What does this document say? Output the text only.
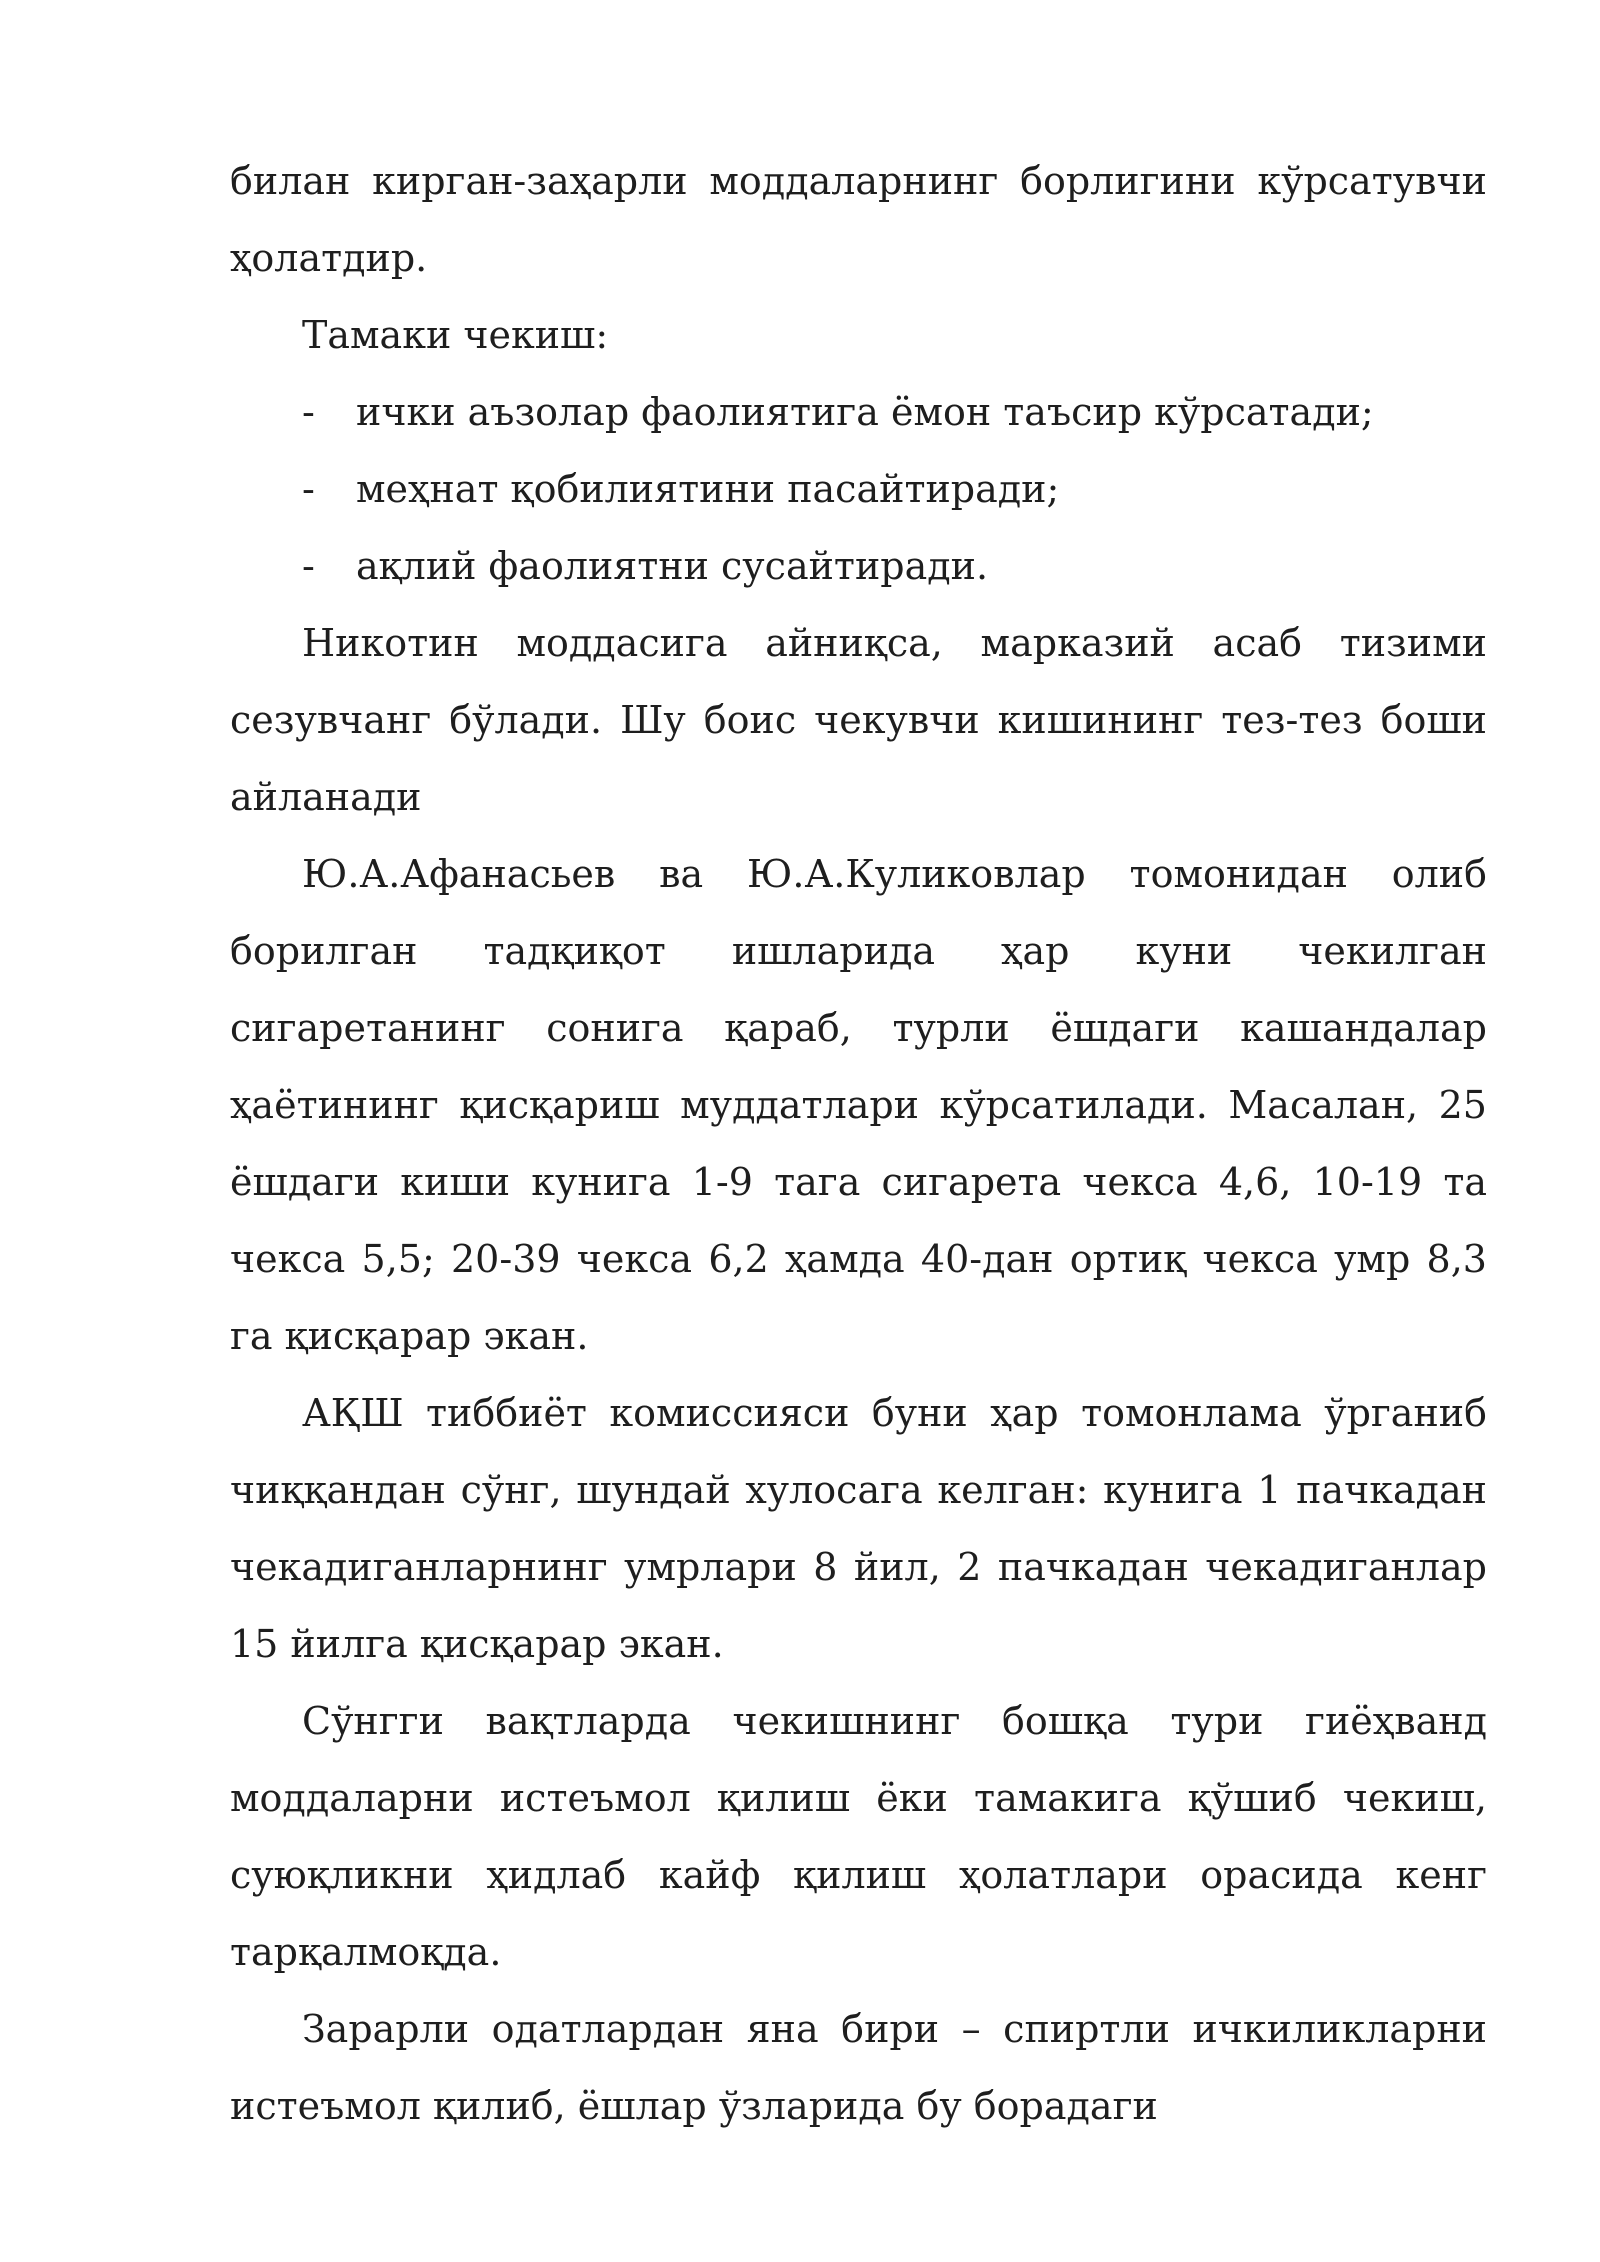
билан кирган-заҳарли моддаларнинг борлигини кўрсатувчи
ҳолатдир.

Тамаки чекиш:

-	ички аъзолар фаолиятига ёмон таъсир кўрсатади;

-	меҳнат қобилиятини пасайтиради;

-	ақлий фаолиятни сусайтиради.

Никотин моддасига айниқса, марказий асаб тизими сезувчанг бўлади. Шу боис чекувчи кишининг тез-тез боши айланади

Ю.А.Афанасьев ва Ю.А.Куликовлар томонидан олиб борилган тадқиқот ишларида ҳар куни чекилган сигаретанинг сонига қараб, турли ёшдаги кашандалар ҳаётининг қисқариш муддатлари кўрсатилади. Масалан, 25 ёшдаги киши кунига 1-9 тага сигарета чекса 4,6, 10-19 та чекса 5,5; 20-39 чекса 6,2 ҳамда 40-дан ортиқ чекса умр 8,3 га қисқарар экан.

АҚШ тиббиёт комиссияси буни ҳар томонлама ўрганиб чиққандан сўнг, шундай хулосага келган: кунига 1 пачкадан чекадиганларнинг умрлари 8 йил, 2 пачкадан чекадиганлар 15 йилга қисқарар экан.

Сўнгги вақтларда чекишнинг бошқа тури гиёҳванд моддаларни истеъмол қилиш ёки тамакига қўшиб чекиш, суюқликни ҳидлаб кайф қилиш ҳолатлари орасида кенг тарқалмоқда.

Зарарли одатлардан яна бири – спиртли ичкиликларни истеъмол қилиб, ёшлар ўзларида бу борадаги
